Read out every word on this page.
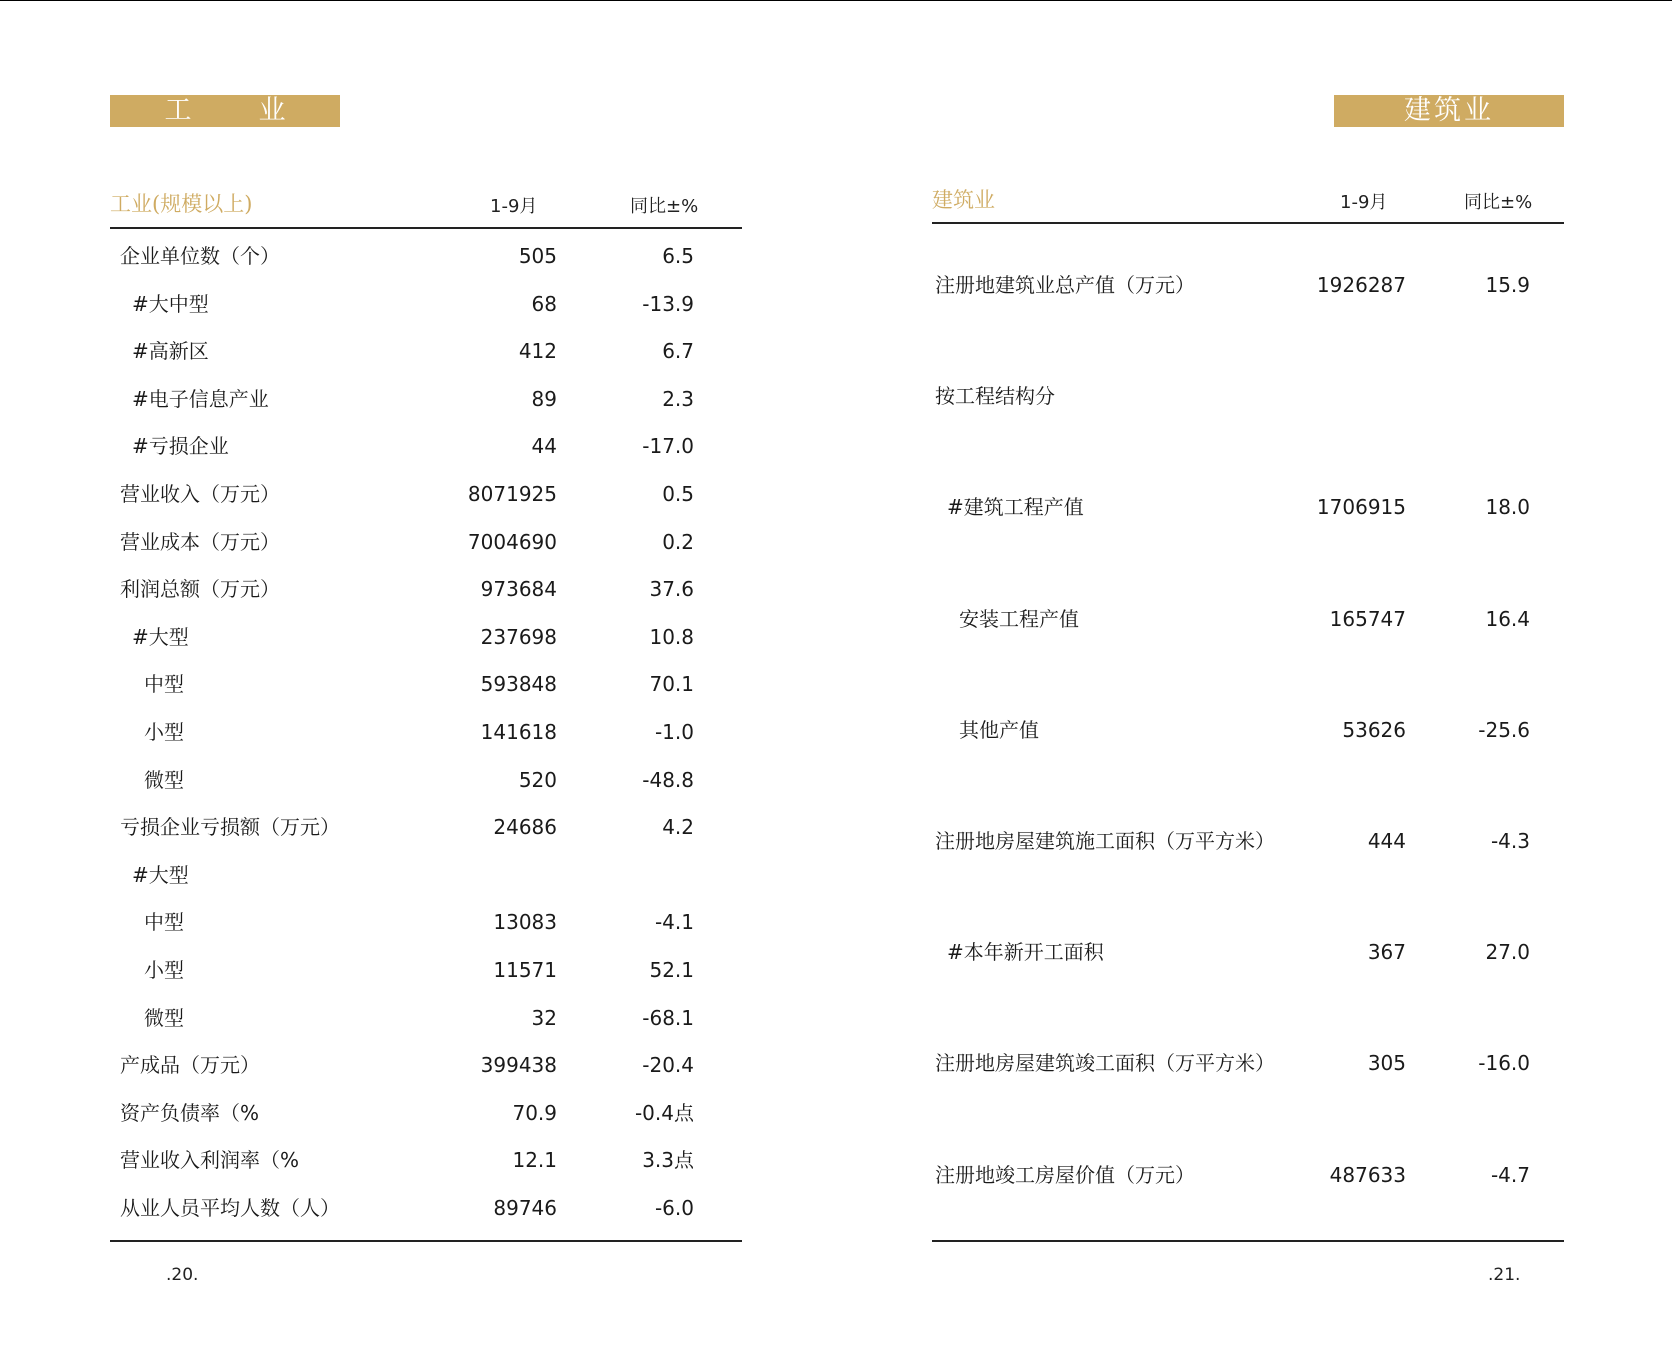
工　业
工业(规模以上)	1-9月	同比±%
企业单位数（个）	505	6.5
#大中型	68	-13.9
#高新区	412	6.7
#电子信息产业	89	2.3
#亏损企业	44	-17.0
营业收入（万元）	8071925	0.5
营业成本（万元）	7004690	0.2
利润总额（万元）	973684	37.6
#大型	237698	10.8
中型	593848	70.1
小型	141618	-1.0
微型	520	-48.8
亏损企业亏损额（万元）	24686	4.2
#大型
中型	13083	-4.1
小型	11571	52.1
微型	32	-68.1
产成品（万元）	399438	-20.4
资产负债率（%	70.9	-0.4点
营业收入利润率（%	12.1	3.3点
从业人员平均人数（人）	89746	-6.0
.20.
建筑业
建筑业	1-9月	同比±%
注册地建筑业总产值（万元）	1926287	15.9
按工程结构分
#建筑工程产值	1706915	18.0
安装工程产值	165747	16.4
其他产值	53626	-25.6
注册地房屋建筑施工面积（万平方米）	444	-4.3
#本年新开工面积	367	27.0
注册地房屋建筑竣工面积（万平方米）	305	-16.0
注册地竣工房屋价值（万元）	487633	-4.7
.21.
